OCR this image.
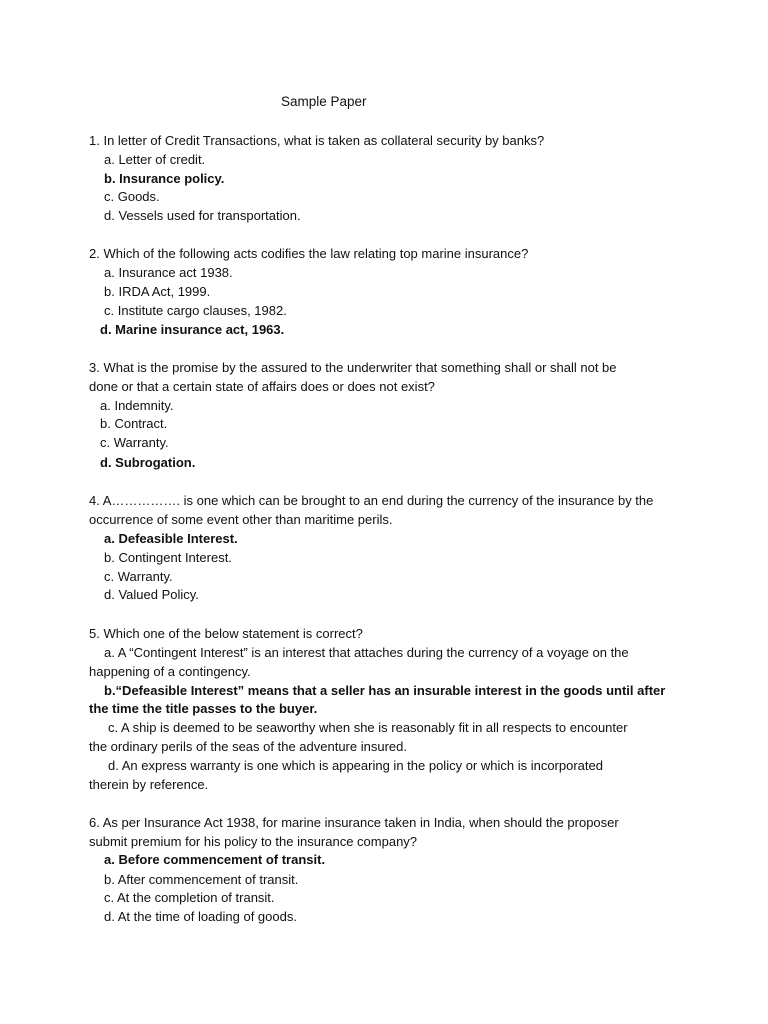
Sample Paper
1. In letter of Credit Transactions, what is taken as collateral security by banks?
a. Letter of credit.
b. Insurance policy.
c. Goods.
d. Vessels used for transportation.
2. Which of the following acts codifies the law relating top marine insurance?
a. Insurance act 1938.
b. IRDA Act, 1999.
c. Institute cargo clauses, 1982.
d. Marine insurance act, 1963.
3. What is the promise by the assured to the underwriter that something shall or shall not be
done or that a certain state of affairs does or does not exist?
a. Indemnity.
b. Contract.
c. Warranty.
d. Subrogation.
4. A……………. is one which can be brought to an end during the currency of the insurance by the
occurrence of some event other than maritime perils.
a. Defeasible Interest.
b. Contingent Interest.
c. Warranty.
d. Valued Policy.
5. Which one of the below statement is correct?
a. A “Contingent Interest” is an interest that attaches during the currency of a voyage on the
happening of a contingency.
b.“Defeasible Interest” means that a seller has an insurable interest in the goods until after
the time the title passes to the buyer.
c. A ship is deemed to be seaworthy when she is reasonably fit in all respects to encounter
the ordinary perils of the seas of the adventure insured.
d. An express warranty is one which is appearing in the policy or which is incorporated
therein by reference.
6. As per Insurance Act 1938, for marine insurance taken in India, when should the proposer
submit premium for his policy to the insurance company?
a. Before commencement of transit.
b. After commencement of transit.
c. At the completion of transit.
d. At the time of loading of goods.
